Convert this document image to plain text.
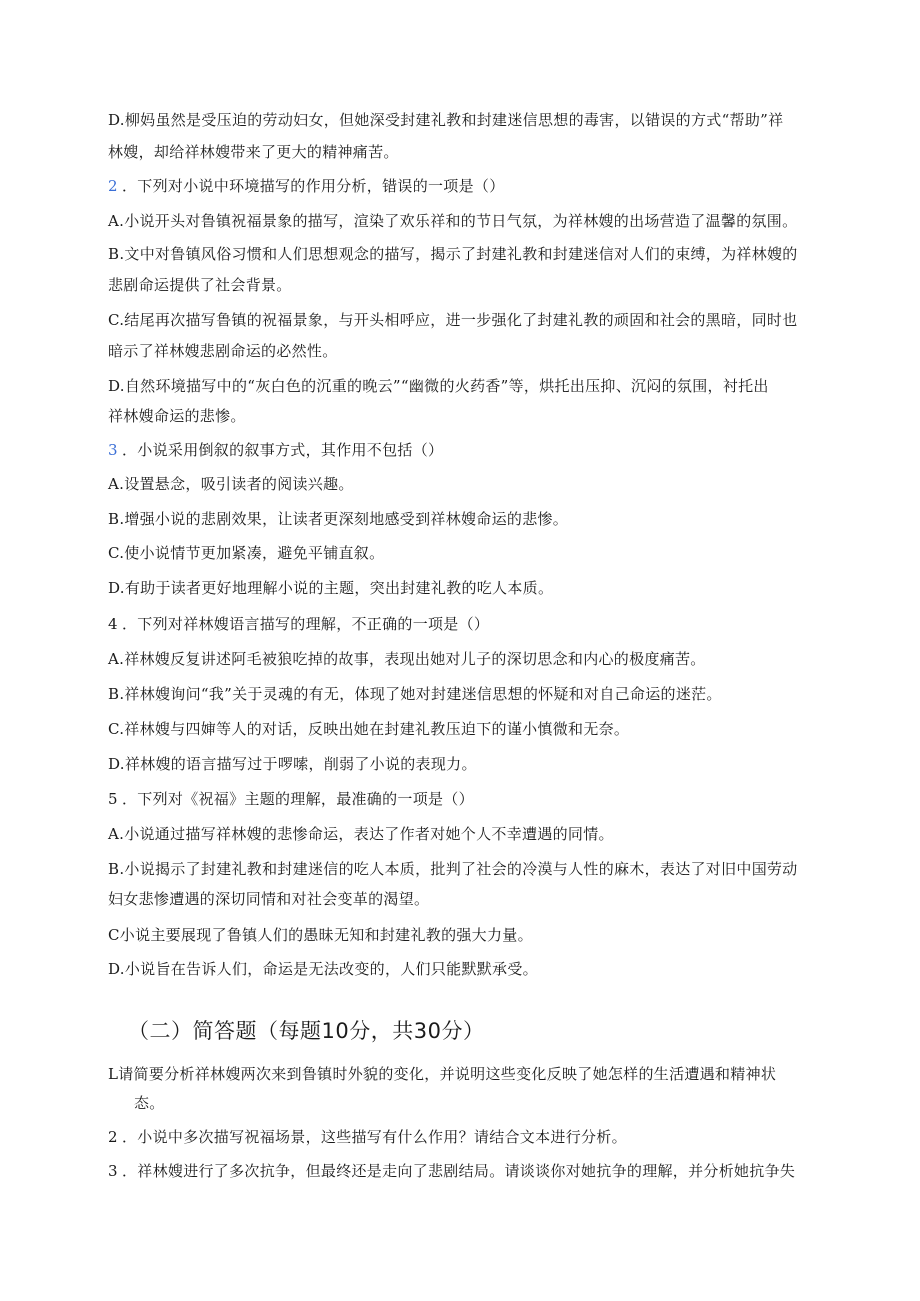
D.柳妈虽然是受压迫的劳动妇女，但她深受封建礼教和封建迷信思想的毒害，以错误的方式“帮助”祥
林嫂，却给祥林嫂带来了更大的精神痛苦。
2 ．下列对小说中环境描写的作用分析，错误的一项是（）
A.小说开头对鲁镇祝福景象的描写，渲染了欢乐祥和的节日气氛，为祥林嫂的出场营造了温馨的氛围。
B.文中对鲁镇风俗习惯和人们思想观念的描写，揭示了封建礼教和封建迷信对人们的束缚，为祥林嫂的
悲剧命运提供了社会背景。
C.结尾再次描写鲁镇的祝福景象，与开头相呼应，进一步强化了封建礼教的顽固和社会的黑暗，同时也
暗示了祥林嫂悲剧命运的必然性。
D.自然环境描写中的“灰白色的沉重的晚云”“幽微的火药香”等，烘托出压抑、沉闷的氛围，衬托出
祥林嫂命运的悲惨。
3 ．小说采用倒叙的叙事方式，其作用不包括（）
A.设置悬念，吸引读者的阅读兴趣。
B.增强小说的悲剧效果，让读者更深刻地感受到祥林嫂命运的悲惨。
C.使小说情节更加紧凑，避免平铺直叙。
D.有助于读者更好地理解小说的主题，突出封建礼教的吃人本质。
4 ．下列对祥林嫂语言描写的理解，不正确的一项是（）
A.祥林嫂反复讲述阿毛被狼吃掉的故事，表现出她对儿子的深切思念和内心的极度痛苦。
B.祥林嫂询问“我”关于灵魂的有无，体现了她对封建迷信思想的怀疑和对自己命运的迷茫。
C.祥林嫂与四婶等人的对话，反映出她在封建礼教压迫下的谨小慎微和无奈。
D.祥林嫂的语言描写过于啰嗦，削弱了小说的表现力。
5 ．下列对《祝福》主题的理解，最准确的一项是（）
A.小说通过描写祥林嫂的悲惨命运，表达了作者对她个人不幸遭遇的同情。
B.小说揭示了封建礼教和封建迷信的吃人本质，批判了社会的冷漠与人性的麻木，表达了对旧中国劳动
妇女悲惨遭遇的深切同情和对社会变革的渴望。
C小说主要展现了鲁镇人们的愚昧无知和封建礼教的强大力量。
D.小说旨在告诉人们，命运是无法改变的，人们只能默默承受。
（二）简答题（每题10分，共30分）
L请简要分析祥林嫂两次来到鲁镇时外貌的变化，并说明这些变化反映了她怎样的生活遭遇和精神状
态。
2 ．小说中多次描写祝福场景，这些描写有什么作用？请结合文本进行分析。
3 ．祥林嫂进行了多次抗争，但最终还是走向了悲剧结局。请谈谈你对她抗争的理解，并分析她抗争失
